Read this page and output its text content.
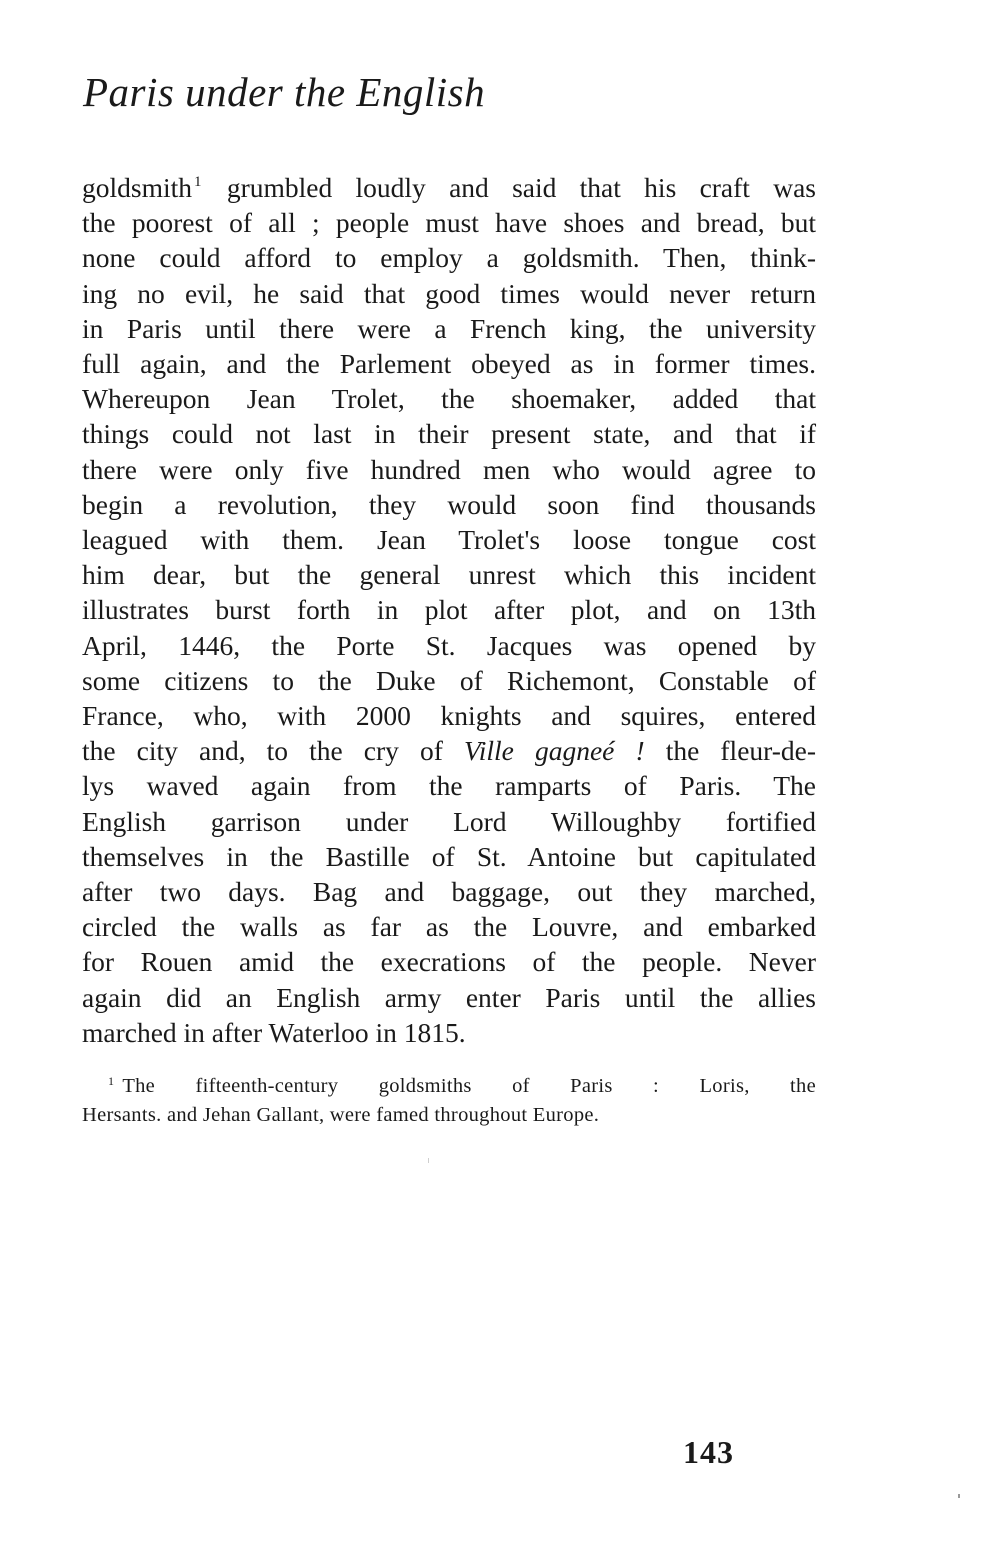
Paris under the English
goldsmith $^1$ grumbled loudly and said that his craft was
the poorest of all ; people must have shoes and bread, but
none could afford to employ a goldsmith. Then, think-
ing no evil, he said that good times would never return
in Paris until there were a French king, the university
full again, and the Parlement obeyed as in former times.
Whereupon Jean Trolet, the shoemaker, added that
things could not last in their present state, and that if
there were only five hundred men who would agree to
begin a revolution, they would soon find thousands
leagued with them. Jean Trolet's loose tongue cost
him dear, but the general unrest which this incident
illustrates burst forth in plot after plot, and on 13th
April, 1446, the Porte St. Jacques was opened by
some citizens to the Duke of Richemont, Constable of
France, who, with 2000 knights and squires, entered
the city and, to the cry of Ville gagneé ! the fleur-de-
lys waved again from the ramparts of Paris. The
English garrison under Lord Willoughby fortified
themselves in the Bastille of St. Antoine but capitulated
after two days. Bag and baggage, out they marched,
circled the walls as far as the Louvre, and embarked
for Rouen amid the execrations of the people. Never
again did an English army enter Paris until the allies
marched in after Waterloo in 1815.
$^1$ The fifteenth-century goldsmiths of Paris : Loris, the
Hersants. and Jehan Gallant, were famed throughout Europe.
143
